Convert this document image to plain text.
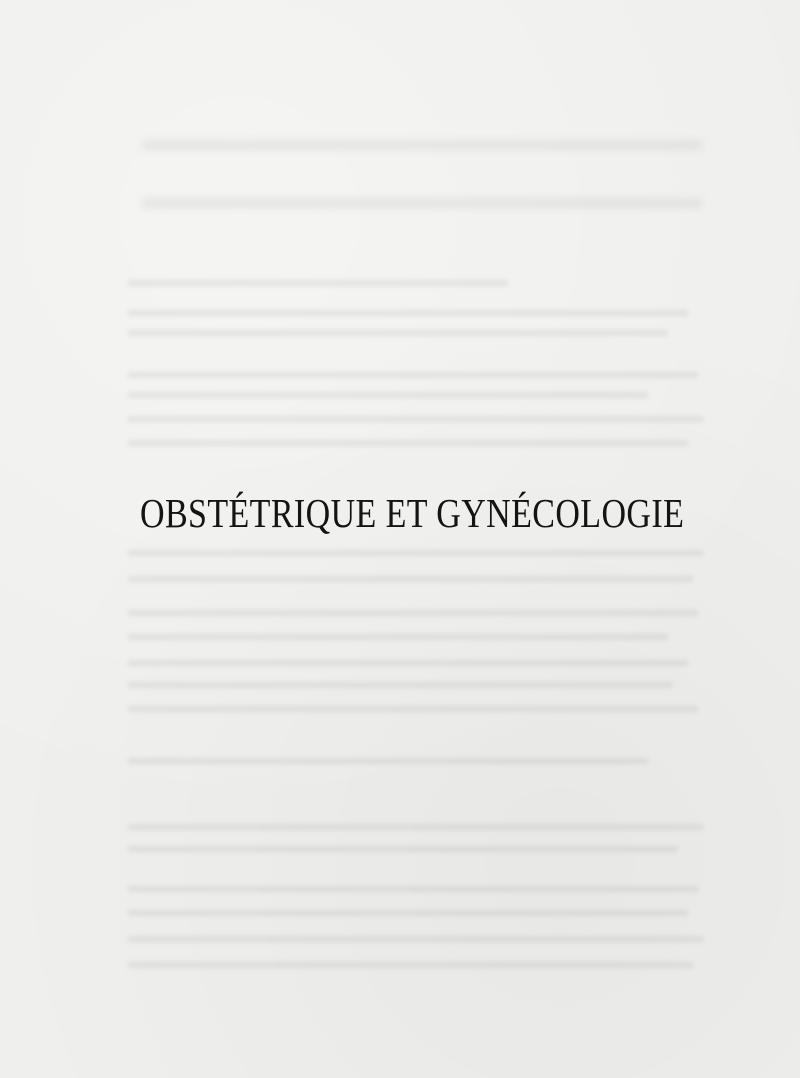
OBSTÉTRIQUE ET GYNÉCOLOGIE
